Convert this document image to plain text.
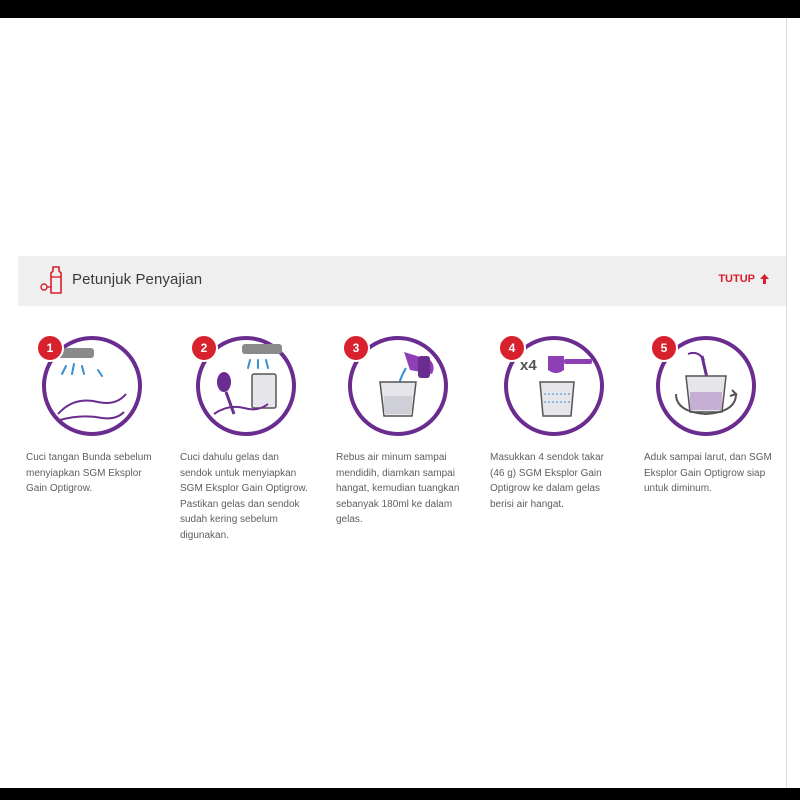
Petunjuk Penyajian	TUTUP
1
Cuci tangan Bunda sebelum menyiapkan SGM Eksplor Gain Optigrow.
2
Cuci dahulu gelas dan sendok untuk menyiapkan SGM Eksplor Gain Optigrow. Pastikan gelas dan sendok sudah kering sebelum digunakan.
3
Rebus air minum sampai mendidih, diamkan sampai hangat, kemudian tuangkan sebanyak 180ml ke dalam gelas.
x4
4
Masukkan 4 sendok takar (46 g) SGM Eksplor Gain Optigrow ke dalam gelas berisi air hangat.
5
Aduk sampai larut, dan SGM Eksplor Gain Optigrow siap untuk diminum.
